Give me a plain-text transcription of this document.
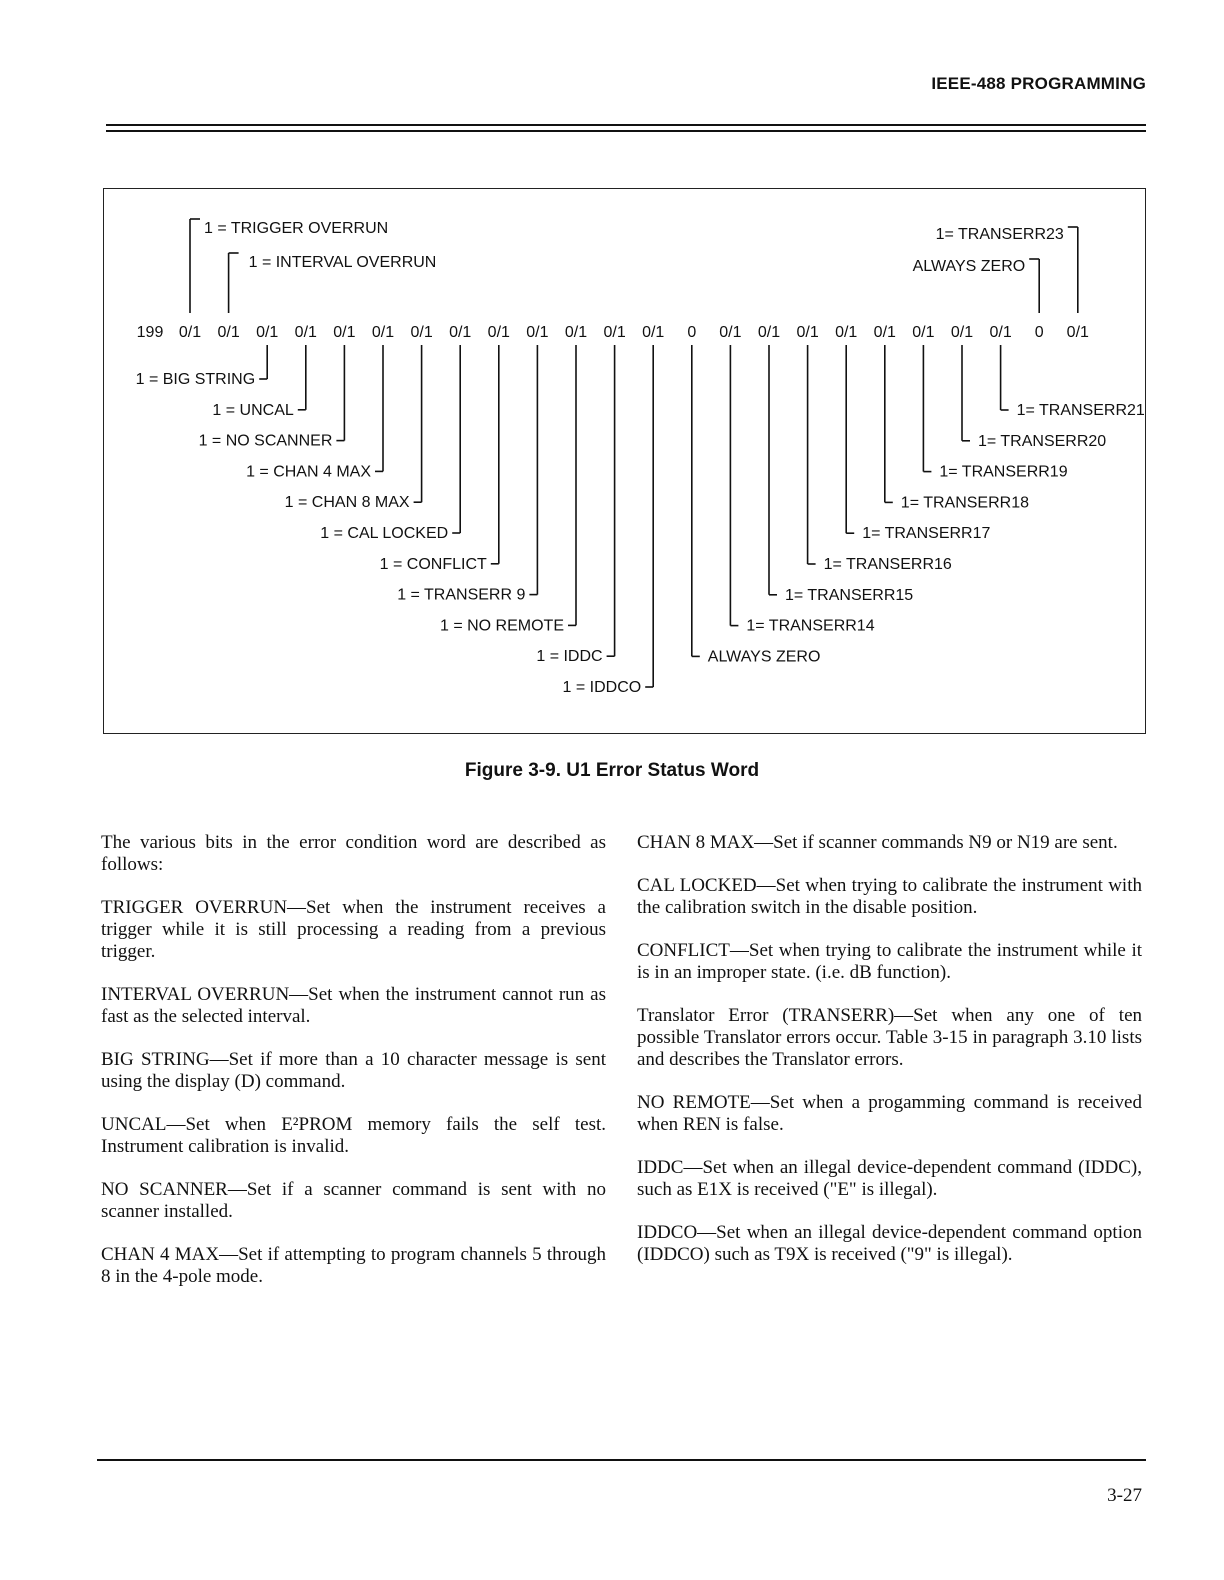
IEEE-488 PROGRAMMING
199 0/1 0/1 0/1 0/1 0/1 0/1 0/1 0/1 0/1 0/1 0/1 0/1 0/1 0 0/1 0/1 0/1 0/1 0/1 0/1 0/1 0/1 0 0/1
1 = TRIGGER OVERRUN
1 = INTERVAL OVERRUN
1= TRANSERR23
ALWAYS ZERO
1 = BIG STRING
1 = UNCAL
1 = NO SCANNER
1 = CHAN 4 MAX
1 = CHAN 8 MAX
1 = CAL LOCKED
1 = CONFLICT
1 = TRANSERR 9
1 = NO REMOTE
1 = IDDC
1 = IDDCO
1= TRANSERR21
1= TRANSERR20
1= TRANSERR19
1= TRANSERR18
1= TRANSERR17
1= TRANSERR16
1= TRANSERR15
1= TRANSERR14
ALWAYS ZERO
Figure 3-9. U1 Error Status Word

The various bits in the error condition word are described as follows:

TRIGGER OVERRUN—Set when the instrument receives a trigger while it is still processing a reading from a previous trigger.

INTERVAL OVERRUN—Set when the instrument cannot run as fast as the selected interval.

BIG STRING—Set if more than a 10 character message is sent using the display (D) command.

UNCAL—Set when E²PROM memory fails the self test. Instrument calibration is invalid.

NO SCANNER—Set if a scanner command is sent with no scanner installed.

CHAN 4 MAX—Set if attempting to program channels 5 through 8 in the 4-pole mode.

CHAN 8 MAX—Set if scanner commands N9 or N19 are sent.

CAL LOCKED—Set when trying to calibrate the instrument with the calibration switch in the disable position.

CONFLICT—Set when trying to calibrate the instrument while it is in an improper state. (i.e. dB function).

Translator Error (TRANSERR)—Set when any one of ten possible Translator errors occur. Table 3-15 in paragraph 3.10 lists and describes the Translator errors.

NO REMOTE—Set when a progamming command is received when REN is false.

IDDC—Set when an illegal device-dependent command (IDDC), such as E1X is received ("E" is illegal).

IDDCO—Set when an illegal device-dependent command option (IDDCO) such as T9X is received ("9" is illegal).

3-27
